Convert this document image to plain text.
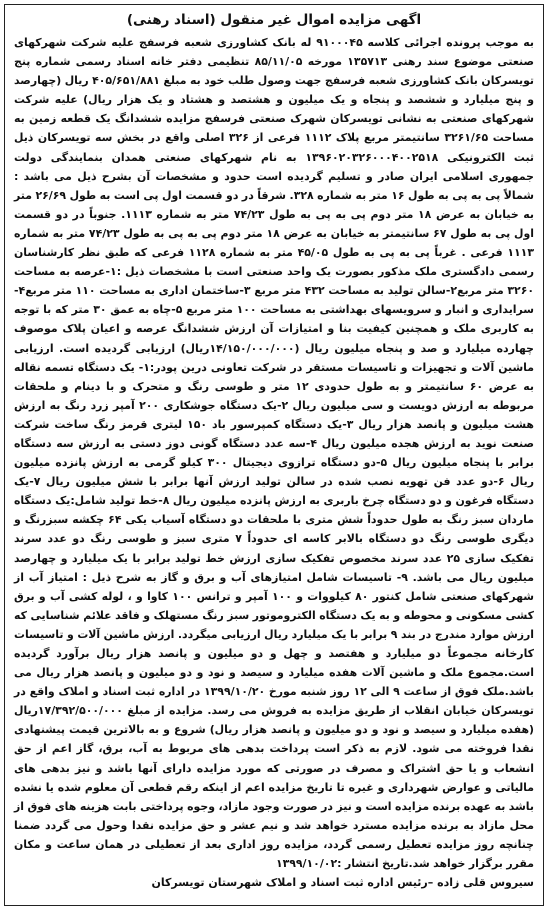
اگهی مزایده اموال غیر منقول (اسناد رهنی)

به موجب پرونده اجرائی کلاسه ۹۱۰۰۰۴۵ له بانک کشاورزی شعبه فرسفج علیه شرکت شهرکهای صنعتی موضوع سند رهنی ۱۳۵۷۱۳ مورخه ۸۵/۱۱/۰۵ تنظیمی دفتر خانه اسناد رسمی شماره پنج تویسرکان بانک کشاورزی شعبه فرسفج جهت وصول طلب خود به مبلغ ۴۰۵/۶۵۱/۸۸۱ ریال (چهارصد و پنج میلیارد و ششصد و پنجاه و یک میلیون و هشتصد و هشتاد و یک هزار ریال) علیه شرکت شهرکهای صنعتی به نشانی تویسرکان شهرک صنعتی فرسفج مزایده ششدانگ یک قطعه زمین به مساحت ۳۲۶۱/۶۵ سانتیمتر مربع پلاک ۱۱۱۲ فرعی از ۳۲۶ اصلی واقع در بخش سه تویسرکان ذیل ثبت الکترونیکی ۱۳۹۶۰۲۰۳۲۶۰۰۰۴۰۰۲۵۱۸ به نام شهرکهای صنعتی همدان بنمایندگی دولت جمهوری اسلامی ایران صادر و تسلیم گردیده است حدود و مشخصات آن بشرح ذیل می باشد : شمالاً پی به پی به طول ۱۶ متر به شماره ۳۲۸. شرقاً در دو قسمت اول پی است به طول ۲۶/۶۹ متر به خیابان به عرض ۱۸ متر دوم پی به پی به طول ۷۴/۲۳ متر به شماره ۱۱۱۳. جنوباً در دو قسمت اول پی به طول ۶۷ سانتیمتر به خیابان به عرض ۱۸ متر دوم پی به پی به طول ۷۴/۲۳ متر به شماره ۱۱۱۳ فرعی . غرباً پی به پی به طول ۴۵/۰۵ متر به شماره ۱۱۲۸ فرعی که طبق نظر کارشناسان رسمی دادگستری ملک مذکور بصورت یک واحد صنعتی است با مشخصات ذیل :۱-عرصه به مساحت ۳۲۶۰ متر مربع۲-سالن تولید به مساحت ۴۳۲ متر مربع ۳-ساختمان اداری به مساحت ۱۱۰ متر مربع۴-سرایداری و انبار و سرویسهای بهداشتی به مساحت ۱۰۰ متر مربع ۵-چاه به عمق ۳۰ متر که با توجه به کاربری ملک و همچنین کیفیت بنا و امتیازات آن ارزش ششدانگ عرصه و اعیان پلاک موصوف چهارده میلیارد و صد و پنجاه میلیون ریال (۱۴/۱۵۰/۰۰۰/۰۰۰ریال) ارزیابی گردیده است. ارزیابی ماشین آلات و تجهیزات و تاسیسات مستقر در شرکت تعاونی درین پودر:۱- یک دستگاه تسمه نقاله به عرض ۶۰ سانتیمتر و به طول حدودی ۱۲ متر و طوسی رنگ و متحرک و با دینام و ملحقات مربوطه به ارزش دویست و سی میلیون ریال ۲-یک دستگاه جوشکاری ۲۰۰ آمپر زرد رنگ به ارزش هشت میلیون و پانصد هزار ریال ۳-یک دستگاه کمپرسور باد ۱۵۰ لیتری قرمز رنگ ساخت شرکت صنعت نوید به ارزش هجده میلیون ریال ۴-سه عدد دستگاه گونی دوز دستی به ارزش سه دستگاه برابر با پنجاه میلیون ریال ۵-دو دستگاه ترازوی دیجیتال ۳۰۰ کیلو گرمی به ارزش پانزده میلیون ریال ۶-دو عدد فن تهویه نصب شده در سالن تولید ارزش آنها برابر با شش میلیون ریال ۷-یک دستگاه فرغون و دو دستگاه چرخ باربری به ارزش پانزده میلیون ریال ۸-خط تولید شامل:یک دستگاه ماردان سبز رنگ به طول حدوداً شش متری با ملحقات دو دستگاه آسیاب یکی ۶۴ چکشه سبزرنگ و دیگری طوسی رنگ دو دستگاه بالابر کاسه ای حدوداً ۷ متری سبز و طوسی رنگ دو عدد سرند تفکیک سازی ۲۵ عدد سرند مخصوص تفکیک سازی ارزش خط تولید برابر با یک میلیارد و چهارصد میلیون ریال می باشد. ۹- تاسیسات شامل امتیازهای آب و برق و گاز به شرح ذیل : امتیاز آب از شهرکهای صنعتی شامل کنتور ۸۰ کیلووات و ۱۰۰ آمپر و ترانس ۱۰۰ کاوا و ، لوله کشی آب و برق کشی مسکونی و محوطه و به یک دستگاه الکتروموتور سبز رنگ مستهلک و فاقد علائم شناسایی که ارزش موارد مندرج در بند ۹ برابر با یک میلیارد ریال ارزیابی میگردد. ارزش ماشین آلات و تاسیسات کارخانه مجموعاً دو میلیارد و هفتصد و چهل و دو میلیون و پانصد هزار ریال برآورد گردیده است.مجموع ملک و ماشین آلات هفده میلیارد و سیصد و نود و دو میلیون و پانصد هزار ریال می باشد.ملک فوق از ساعت ۹ الی ۱۲ روز شنبه مورخ ۱۳۹۹/۱۰/۲۰ در اداره ثبت اسناد و املاک واقع در تویسرکان خیابان انقلاب از طریق مزایده به فروش می رسد. مزایده از مبلغ ۱۷/۳۹۲/۵۰۰/۰۰۰ریال (هفده میلیارد و سیصد و نود و دو میلیون و پانصد هزار ریال) شروع و به بالاترین قیمت پیشنهادی نقدا فروخته می شود. لازم به ذکر است پرداخت بدهی های مربوط به آب، برق، گاز اعم از حق انشعاب و یا حق اشتراک و مصرف در صورتی که مورد مزایده دارای آنها باشد و نیز بدهی های مالیاتی و عوارض شهرداری و غیره تا تاریخ مزایده اعم از اینکه رقم قطعی آن معلوم شده یا نشده باشد به عهده برنده مزایده است و نیز در صورت وجود مازاد، وجوه پرداختی بابت هزینه های فوق از محل مازاد به برنده مزایده مسترد خواهد شد و نیم عشر و حق مزایده نقدا وحول می گردد ضمنا چنانچه روز مزایده تعطیل رسمی گردد، مزایده روز اداری بعد از تعطیلی در همان ساعت و مکان مقرر برگزار خواهد شد.تاریخ انتشار :۱۳۹۹/۱۰/۰۲

سیروس قلی زاده –رئیس اداره ثبت اسناد و املاک شهرستان تویسرکان
